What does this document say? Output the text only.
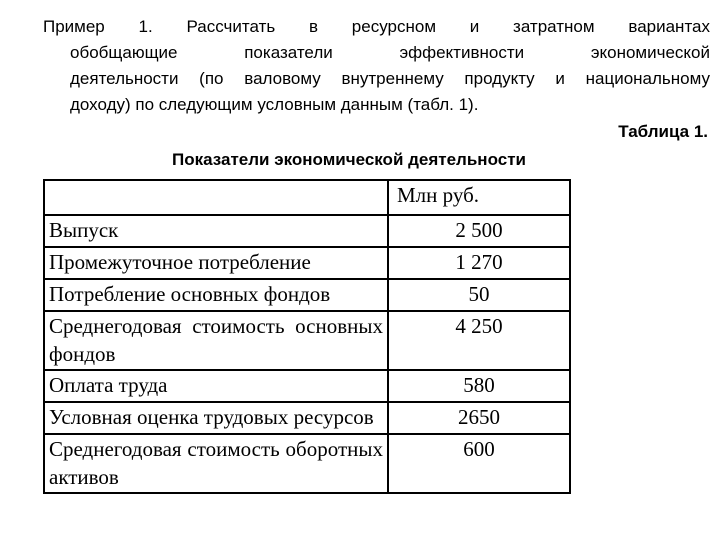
Пример 1. Рассчитать в ресурсном и затратном вариантах
обобщающие показатели эффективности экономической
деятельности (по валовому внутреннему продукту и национальному
доходу) по следующим условным данным (табл. 1).
Таблица 1.
Показатели экономической деятельности
	Млн руб.
Выпуск	2 500
Промежуточное потребление	1 270
Потребление основных фондов	50
Среднегодовая стоимость основных фондов	4 250
Оплата труда	580
Условная оценка трудовых ресурсов	2650
Среднегодовая стоимость оборотных активов	600
